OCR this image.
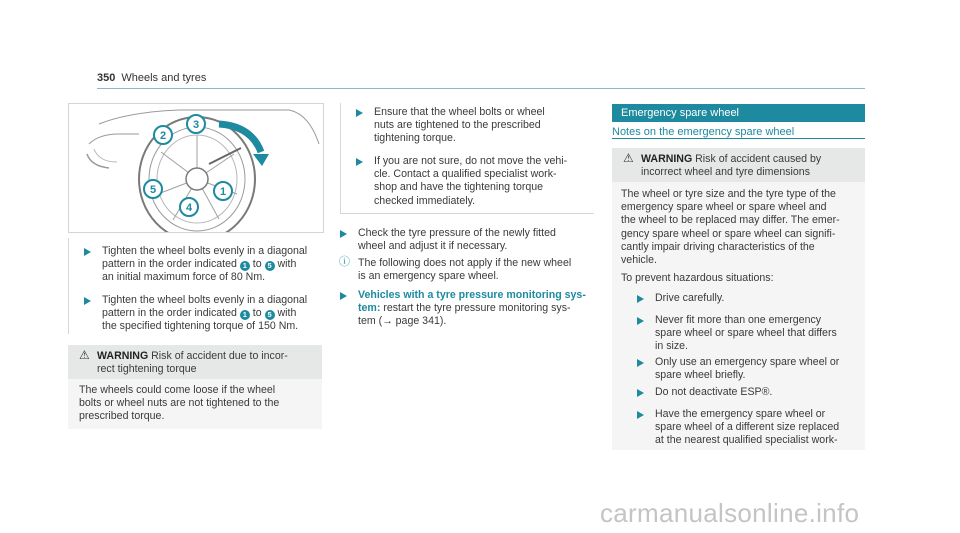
350 Wheels and tyres
3
2
5	1
4

Tighten the wheel bolts evenly in a diagonal

pattern in the order indicated 1 to 5 with

an initial maximum force of 80 Nm.

Tighten the wheel bolts evenly in a diagonal

pattern in the order indicated 1 to 5 with

the specified tightening torque of 150 Nm.

⚠ WARNING Risk of accident due to incor-

rect tightening torque

The wheels could come loose if the wheel

bolts or wheel nuts are not tightened to the

prescribed torque.

Ensure that the wheel bolts or wheel

nuts are tightened to the prescribed

tightening torque.

If you are not sure, do not move the vehi-

cle. Contact a qualified specialist work-

shop and have the tightening torque

checked immediately.

Check the tyre pressure of the newly fitted

wheel and adjust it if necessary.

ⓘ The following does not apply if the new wheel

is an emergency spare wheel.

Vehicles with a tyre pressure monitoring sys-

tem: restart the tyre pressure monitoring sys-

tem (→ page 341).

Emergency spare wheel
Notes on the emergency spare wheel
⚠ WARNING Risk of accident caused by

incorrect wheel and tyre dimensions

The wheel or tyre size and the tyre type of the

emergency spare wheel or spare wheel and

the wheel to be replaced may differ. The emer-

gency spare wheel or spare wheel can signifi-

cantly impair driving characteristics of the

vehicle.

To prevent hazardous situations:

Drive carefully.

Never fit more than one emergency

spare wheel or spare wheel that differs

in size.

Only use an emergency spare wheel or

spare wheel briefly.

Do not deactivate ESP®.

Have the emergency spare wheel or

spare wheel of a different size replaced

at the nearest qualified specialist work-

carmanualsonline.info
